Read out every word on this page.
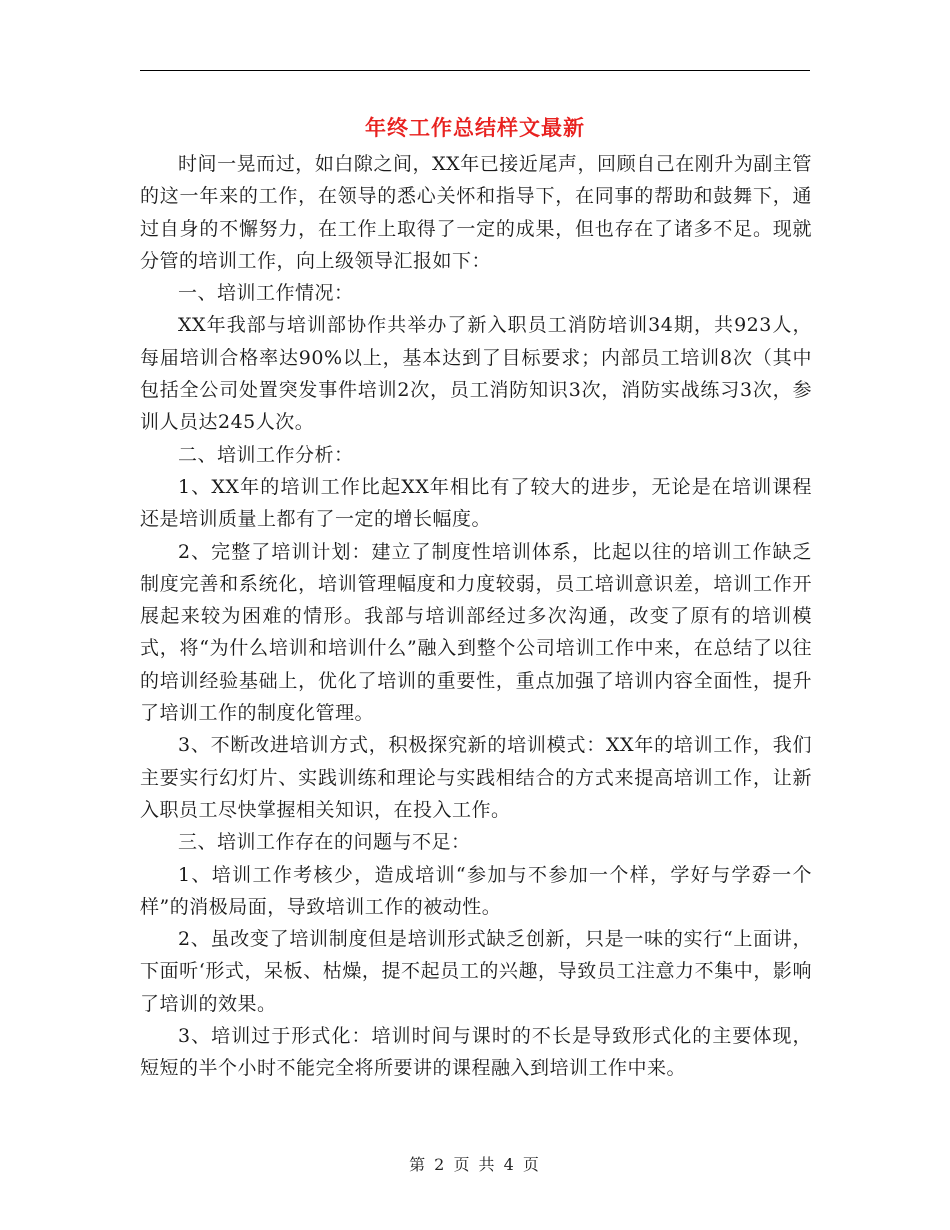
年终工作总结样文最新

时间一晃而过，如白隙之间，XX年已接近尾声，回顾自己在刚升为副主管的这一年来的工作，在领导的悉心关怀和指导下，在同事的帮助和鼓舞下，通过自身的不懈努力，在工作上取得了一定的成果，但也存在了诸多不足。现就分管的培训工作，向上级领导汇报如下：

一、培训工作情况：

XX年我部与培训部协作共举办了新入职员工消防培训34期，共923人，每届培训合格率达90%以上，基本达到了目标要求；内部员工培训8次（其中包括全公司处置突发事件培训2次，员工消防知识3次，消防实战练习3次，参训人员达245人次。

二、培训工作分析：

1、XX年的培训工作比起XX年相比有了较大的进步，无论是在培训课程还是培训质量上都有了一定的增长幅度。

2、完整了培训计划：建立了制度性培训体系，比起以往的培训工作缺乏制度完善和系统化，培训管理幅度和力度较弱，员工培训意识差，培训工作开展起来较为困难的情形。我部与培训部经过多次沟通，改变了原有的培训模式，将“为什么培训和培训什么”融入到整个公司培训工作中来，在总结了以往的培训经验基础上，优化了培训的重要性，重点加强了培训内容全面性，提升了培训工作的制度化管理。

3、不断改进培训方式，积极探究新的培训模式：XX年的培训工作，我们主要实行幻灯片、实践训练和理论与实践相结合的方式来提高培训工作，让新入职员工尽快掌握相关知识，在投入工作。

三、培训工作存在的问题与不足：

1、培训工作考核少，造成培训“参加与不参加一个样，学好与学孬一个样”的消极局面，导致培训工作的被动性。

2、虽改变了培训制度但是培训形式缺乏创新，只是一味的实行“上面讲，下面听‘形式，呆板、枯燥，提不起员工的兴趣，导致员工注意力不集中，影响了培训的效果。

3、培训过于形式化：培训时间与课时的不长是导致形式化的主要体现，短短的半个小时不能完全将所要讲的课程融入到培训工作中来。

第 2 页 共 4 页
